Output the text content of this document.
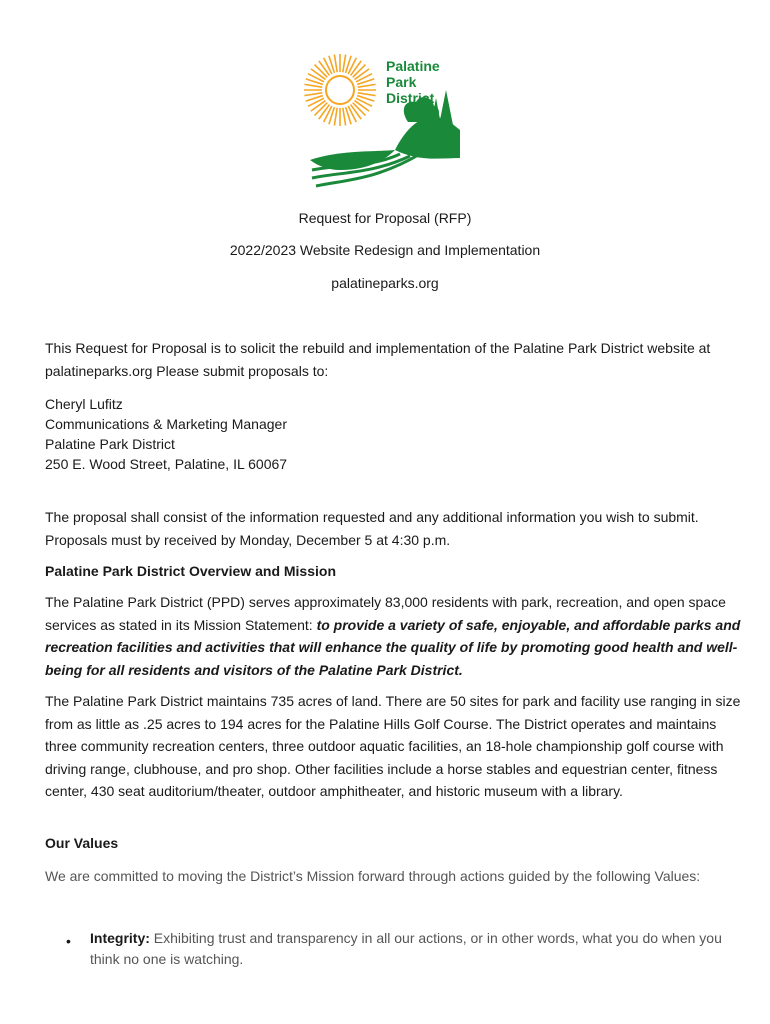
Palatine
Park
District
Request for Proposal (RFP)
2022/2023 Website Redesign and Implementation
palatineparks.org
This Request for Proposal is to solicit the rebuild and implementation of the Palatine Park District website at palatineparks.org Please submit proposals to:
Cheryl Lufitz
Communications & Marketing Manager
Palatine Park District
250 E. Wood Street, Palatine, IL 60067
The proposal shall consist of the information requested and any additional information you wish to submit. Proposals must by received by Monday, December 5 at 4:30 p.m.
Palatine Park District Overview and Mission
The Palatine Park District (PPD) serves approximately 83,000 residents with park, recreation, and open space services as stated in its Mission Statement: to provide a variety of safe, enjoyable, and affordable parks and recreation facilities and activities that will enhance the quality of life by promoting good health and well-being for all residents and visitors of the Palatine Park District.
The Palatine Park District maintains 735 acres of land. There are 50 sites for park and facility use ranging in size from as little as .25 acres to 194 acres for the Palatine Hills Golf Course. The District operates and maintains three community recreation centers, three outdoor aquatic facilities, an 18-hole championship golf course with driving range, clubhouse, and pro shop. Other facilities include a horse stables and equestrian center, fitness center, 430 seat auditorium/theater, outdoor amphitheater, and historic museum with a library.
Our Values
We are committed to moving the District’s Mission forward through actions guided by the following Values:
• Integrity: Exhibiting trust and transparency in all our actions, or in other words, what you do when you think no one is watching.
